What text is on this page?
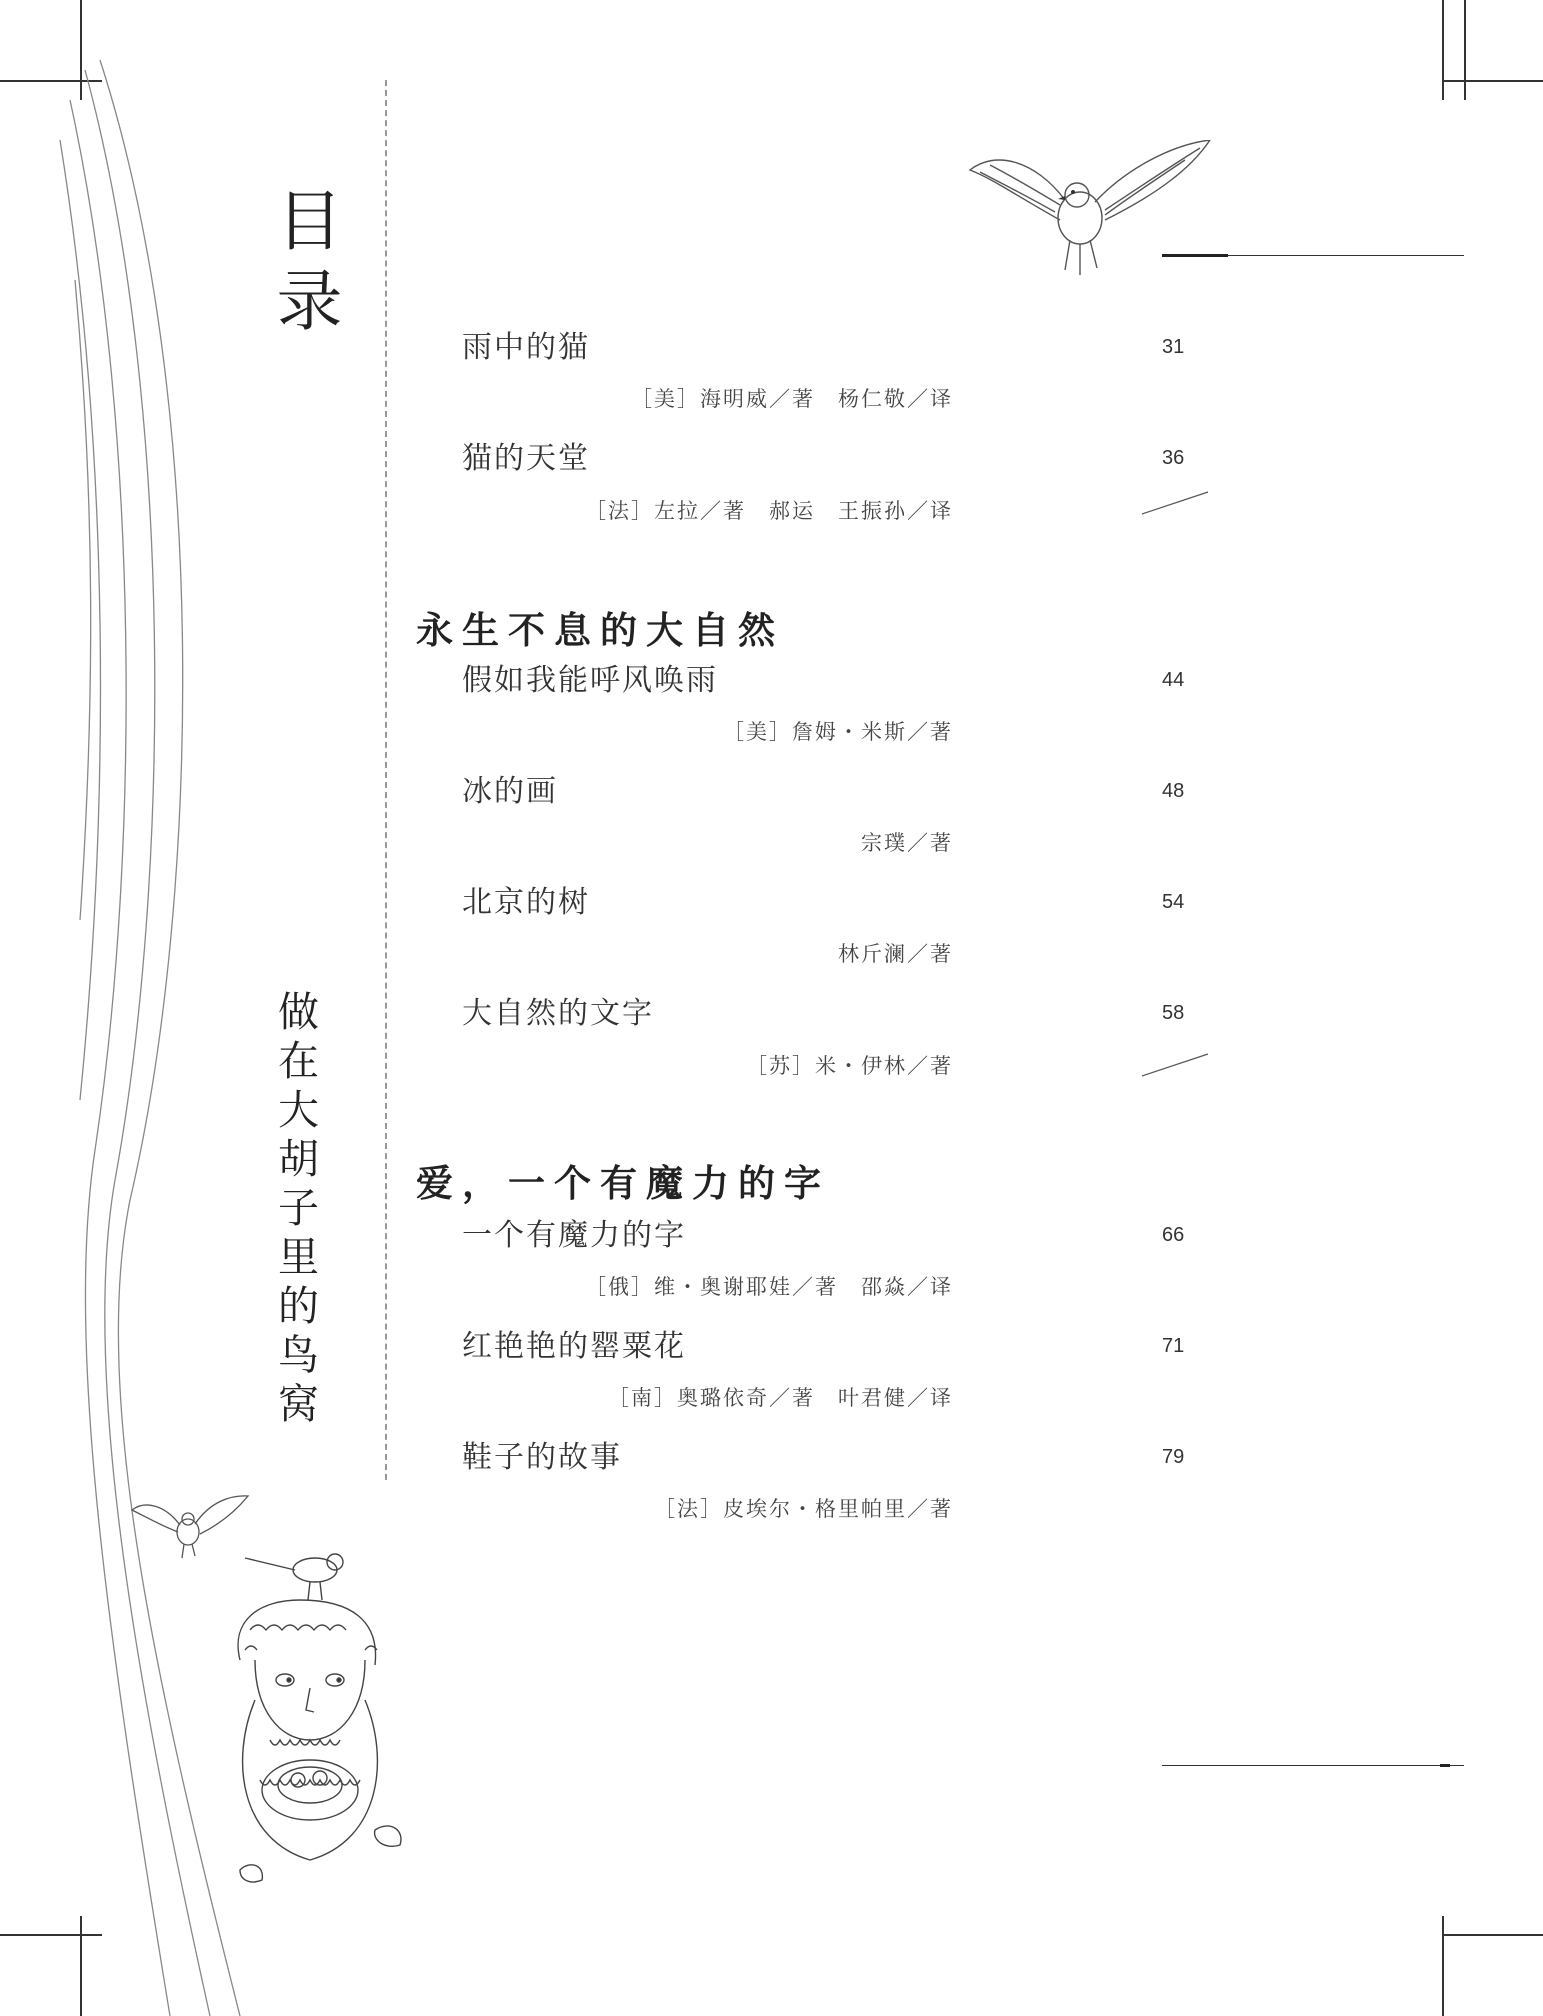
目录
做在大胡子里的鸟窝
雨中的猫	31
［美］海明威／著　杨仁敬／译
猫的天堂	36
［法］左拉／著　郝运　王振孙／译
永生不息的大自然
假如我能呼风唤雨	44
［美］詹姆・米斯／著
冰的画	48
宗璞／著
北京的树	54
林斤澜／著
大自然的文字	58
［苏］米・伊林／著
爱，一个有魔力的字
一个有魔力的字	66
［俄］维・奥谢耶娃／著　邵焱／译
红艳艳的罂粟花	71
［南］奥璐依奇／著　叶君健／译
鞋子的故事	79
［法］皮埃尔・格里帕里／著
